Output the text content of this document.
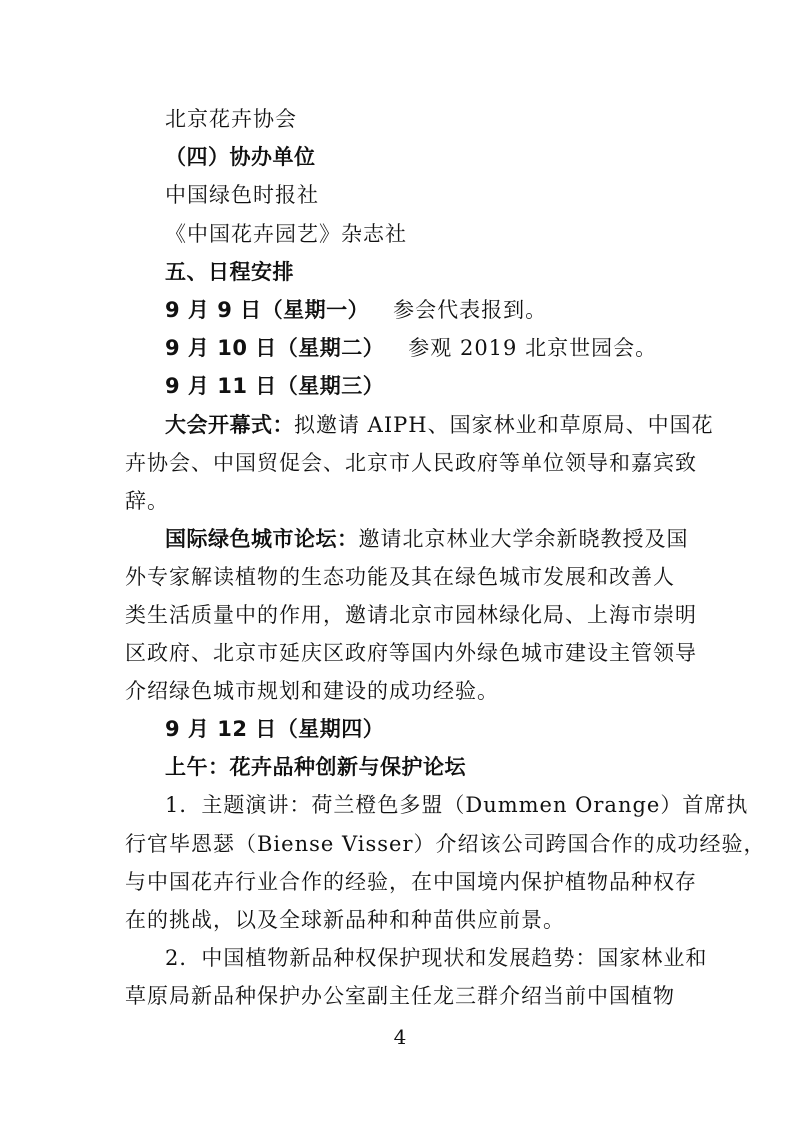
北京花卉协会
（四）协办单位
中国绿色时报社
《中国花卉园艺》杂志社
五、日程安排
9 月 9 日（星期一） 参会代表报到。
9 月 10 日（星期二） 参观 2019 北京世园会。
9 月 11 日（星期三）
大会开幕式：拟邀请 AIPH、国家林业和草原局、中国花
卉协会、中国贸促会、北京市人民政府等单位领导和嘉宾致
辞。
国际绿色城市论坛：邀请北京林业大学余新晓教授及国
外专家解读植物的生态功能及其在绿色城市发展和改善人
类生活质量中的作用，邀请北京市园林绿化局、上海市崇明
区政府、北京市延庆区政府等国内外绿色城市建设主管领导
介绍绿色城市规划和建设的成功经验。
9 月 12 日（星期四）
上午：花卉品种创新与保护论坛
1．主题演讲：荷兰橙色多盟（Dummen Orange）首席执
行官毕恩瑟（Biense Visser）介绍该公司跨国合作的成功经验，
与中国花卉行业合作的经验，在中国境内保护植物品种权存
在的挑战，以及全球新品种和种苗供应前景。
2．中国植物新品种权保护现状和发展趋势：国家林业和
草原局新品种保护办公室副主任龙三群介绍当前中国植物
4
